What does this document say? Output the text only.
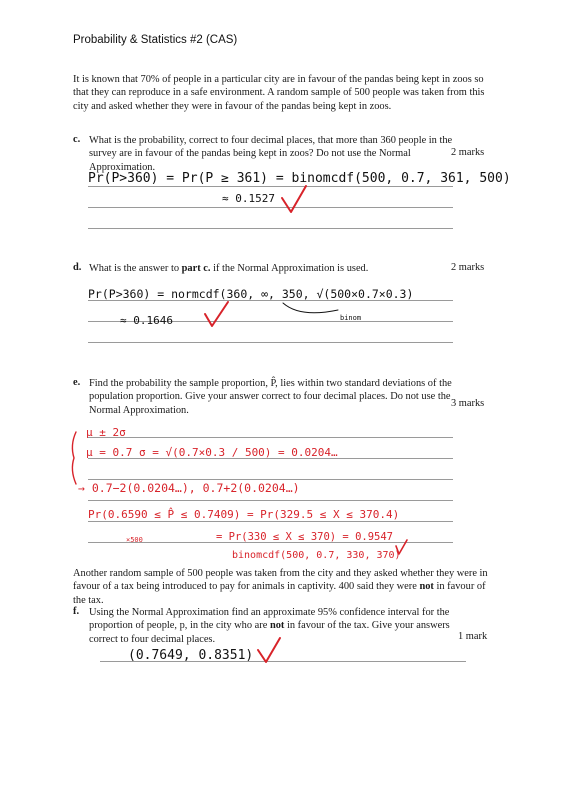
Probability & Statistics #2 (CAS)
It is known that 70% of people in a particular city are in favour of the pandas being kept in zoos so that they can reproduce in a safe environment. A random sample of 500 people was taken from this city and asked whether they were in favour of the pandas being kept in zoos.
c. What is the probability, correct to four decimal places, that more than 360 people in the survey are in favour of the pandas being kept in zoos? Do not use the Normal Approximation.
2 marks
d. What is the answer to part c. if the Normal Approximation is used.	2 marks
e. Find the probability the sample proportion, P̂, lies within two standard deviations of the population proportion. Give your answer correct to four decimal places. Do not use the Normal Approximation.
3 marks
Another random sample of 500 people was taken from the city and they asked whether they were in favour of a tax being introduced to pay for animals in captivity. 400 said they were not in favour of the tax.
f. Using the Normal Approximation find an approximate 95% confidence interval for the proportion of people, p, in the city who are not in favour of the tax. Give your answers correct to four decimal places.	1 mark
Pr(P>360) = Pr(P ≥ 361) = binomcdf(500, 0.7, 361, 500)
≈ 0.1527
Pr(P>360) = normcdf(360, ∞, 350, √(500×0.7×0.3)
≈ 0.1646	binom
μ ± 2σ
μ = 0.7 σ = √(0.7×0.3 / 500) = 0.0204…
→ 0.7−2(0.0204…), 0.7+2(0.0204…)
Pr(0.6590 ≤ P̂ ≤ 0.7409) = Pr(329.5 ≤ X ≤ 370.4)
×500	= Pr(330 ≤ X ≤ 370) = 0.9547
binomcdf(500, 0.7, 330, 370)
(0.7649, 0.8351)
